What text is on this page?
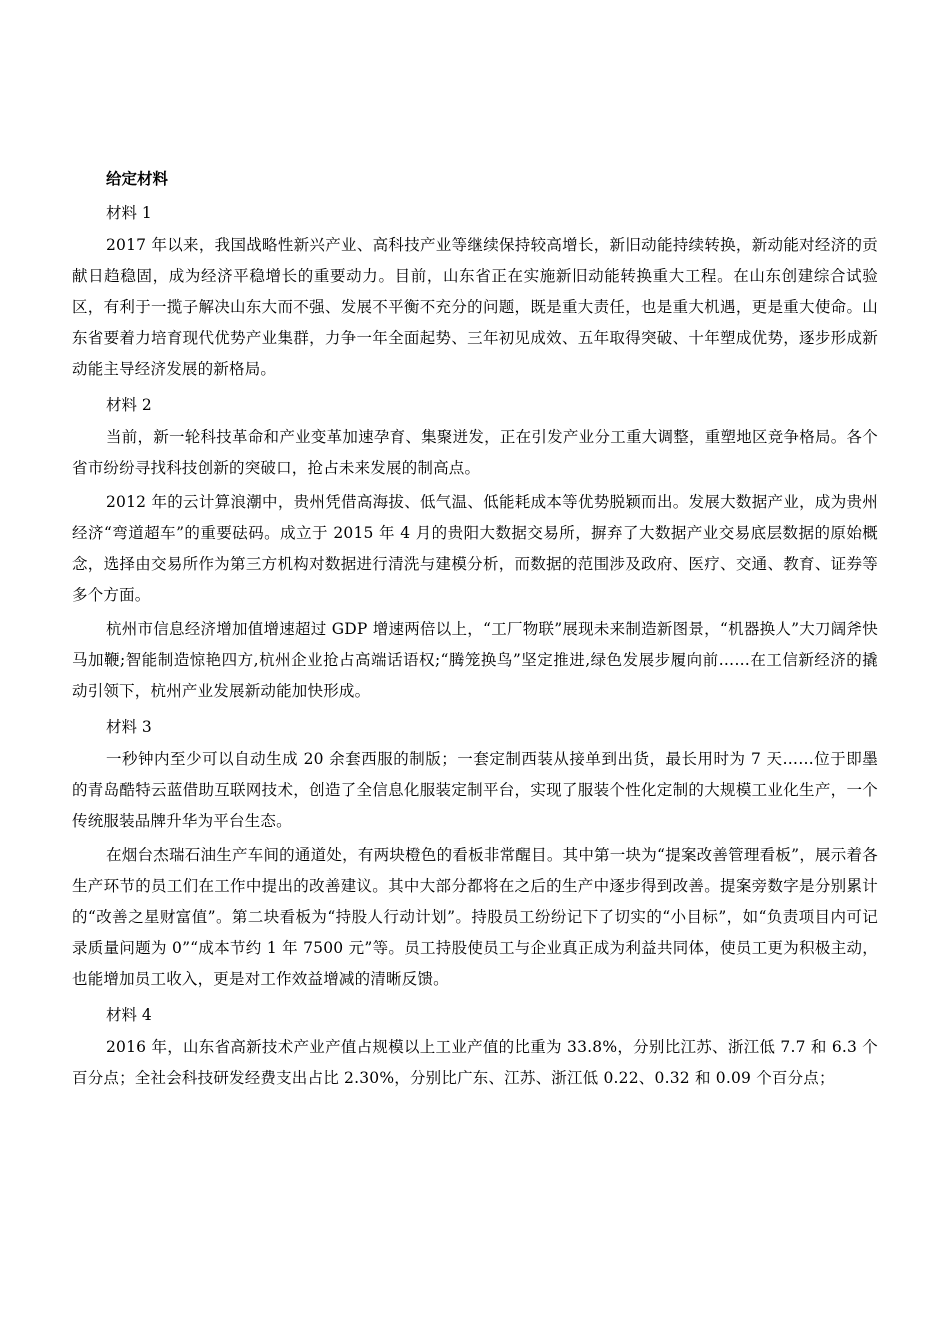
给定材料

材料 1

2017 年以来，我国战略性新兴产业、高科技产业等继续保持较高增长，新旧动能持续转换，新动能对经济的贡献日趋稳固，成为经济平稳增长的重要动力。目前，山东省正在实施新旧动能转换重大工程。在山东创建综合试验区，有利于一揽子解决山东大而不强、发展不平衡不充分的问题，既是重大责任，也是重大机遇，更是重大使命。山东省要着力培育现代优势产业集群，力争一年全面起势、三年初见成效、五年取得突破、十年塑成优势，逐步形成新动能主导经济发展的新格局。

材料 2

当前，新一轮科技革命和产业变革加速孕育、集聚迸发，正在引发产业分工重大调整，重塑地区竞争格局。各个省市纷纷寻找科技创新的突破口，抢占未来发展的制高点。

2012 年的云计算浪潮中，贵州凭借高海拔、低气温、低能耗成本等优势脱颖而出。发展大数据产业，成为贵州经济“弯道超车”的重要砝码。成立于 2015 年 4 月的贵阳大数据交易所，摒弃了大数据产业交易底层数据的原始概念，选择由交易所作为第三方机构对数据进行清洗与建模分析，而数据的范围涉及政府、医疗、交通、教育、证券等多个方面。

杭州市信息经济增加值增速超过 GDP 增速两倍以上，“工厂物联”展现未来制造新图景，“机器换人”大刀阔斧快马加鞭;智能制造惊艳四方,杭州企业抢占高端话语权;“腾笼换鸟”坚定推进,绿色发展步履向前……在工信新经济的撬动引领下，杭州产业发展新动能加快形成。

材料 3

一秒钟内至少可以自动生成 20 余套西服的制版；一套定制西装从接单到出货，最长用时为 7 天……位于即墨的青岛酷特云蓝借助互联网技术，创造了全信息化服装定制平台，实现了服装个性化定制的大规模工业化生产，一个传统服装品牌升华为平台生态。

在烟台杰瑞石油生产车间的通道处，有两块橙色的看板非常醒目。其中第一块为“提案改善管理看板”，展示着各生产环节的员工们在工作中提出的改善建议。其中大部分都将在之后的生产中逐步得到改善。提案旁数字是分别累计的“改善之星财富值”。第二块看板为“持股人行动计划”。持股员工纷纷记下了切实的“小目标”，如“负责项目内可记录质量问题为 0”“成本节约 1 年 7500 元”等。员工持股使员工与企业真正成为利益共同体，使员工更为积极主动，也能增加员工收入，更是对工作效益增减的清晰反馈。

材料 4

2016 年，山东省高新技术产业产值占规模以上工业产值的比重为 33.8%，分别比江苏、浙江低 7.7 和 6.3 个百分点；全社会科技研发经费支出占比 2.30%，分别比广东、江苏、浙江低 0.22、0.32 和 0.09 个百分点；
